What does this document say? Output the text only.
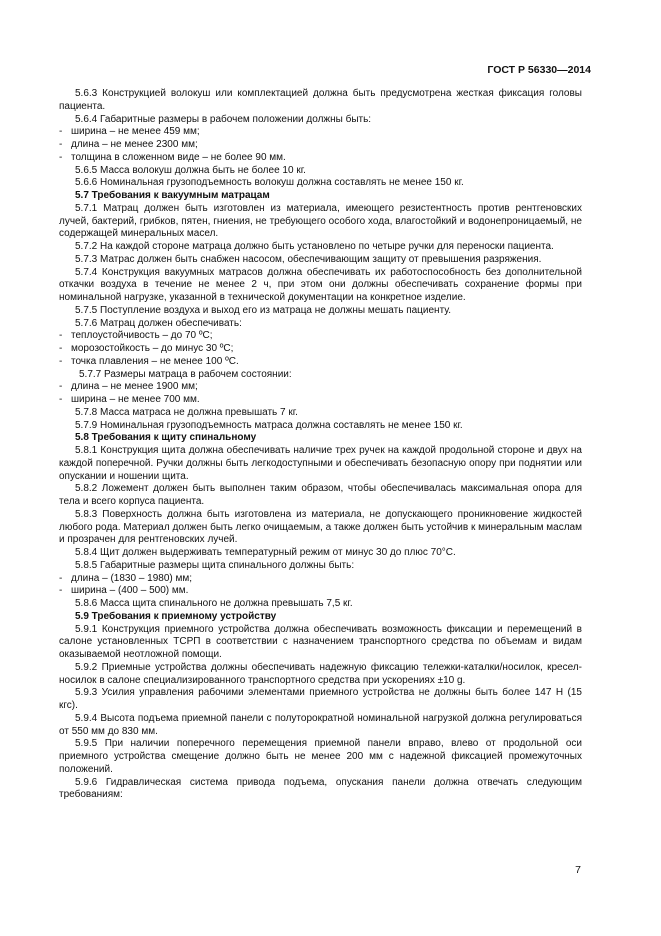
ГОСТ Р 56330—2014

5.6.3 Конструкцией волокуш или комплектацией должна быть предусмотрена жесткая фиксация головы пациента.

5.6.4 Габаритные размеры в рабочем положении должны быть:

- ширина – не менее 459 мм;

- длина – не менее 2300 мм;

- толщина в сложенном виде – не более 90 мм.

5.6.5 Масса волокуш должна быть не более 10 кг.

5.6.6 Номинальная грузоподъемность волокуш должна составлять не менее 150 кг.

5.7 Требования к вакуумным матрацам

5.7.1 Матрац должен быть изготовлен из материала, имеющего резистентность против рентгеновских лучей, бактерий, грибков, пятен, гниения, не требующего особого хода, влагостойкий и водонепроницаемый, не содержащей минеральных масел.

5.7.2 На каждой стороне матраца должно быть установлено по четыре ручки для переноски пациента.

5.7.3 Матрас должен быть снабжен насосом, обеспечивающим защиту от превышения разряжения.

5.7.4 Конструкция вакуумных матрасов должна обеспечивать их работоспособность без дополнительной откачки воздуха в течение не менее 2 ч, при этом они должны обеспечивать сохранение формы при номинальной нагрузке, указанной в технической документации на конкретное изделие.

5.7.5 Поступление воздуха и выход его из матраца не должны мешать пациенту.

5.7.6 Матрац должен обеспечивать:

- теплоустойчивость – до 70 ºС;

- морозостойкость – до минус 30 ºС;

- точка плавления – не менее 100 ºС.

5.7.7 Размеры матраца в рабочем состоянии:

- длина – не менее 1900 мм;

- ширина – не менее 700 мм.

5.7.8 Масса матраса не должна превышать 7 кг.

5.7.9 Номинальная грузоподъемность матраса должна составлять не менее 150 кг.

5.8 Требования к щиту спинальному

5.8.1 Конструкция щита должна обеспечивать наличие трех ручек на каждой продольной стороне и двух на каждой поперечной. Ручки должны быть легкодоступными и обеспечивать безопасную опору при поднятии или опускании и ношении щита.

5.8.2 Ложемент должен быть выполнен таким образом, чтобы обеспечивалась максимальная опора для тела и всего корпуса пациента.

5.8.3 Поверхность должна быть изготовлена из материала, не допускающего проникновение жидкостей любого рода. Материал должен быть легко очищаемым, а также должен быть устойчив к минеральным маслам и прозрачен для рентгеновских лучей.

5.8.4 Щит должен выдерживать температурный режим от минус 30 до плюс 70°С.

5.8.5 Габаритные размеры щита спинального должны быть:

- длина – (1830 – 1980) мм;

- ширина – (400 – 500) мм.

5.8.6 Масса щита спинального не должна превышать 7,5 кг.

5.9 Требования к приемному устройству

5.9.1 Конструкция приемного устройства должна обеспечивать возможность фиксации и перемещений в салоне установленных ТСРП в соответствии с назначением транспортного средства по объемам и видам оказываемой неотложной помощи.

5.9.2 Приемные устройства должны обеспечивать надежную фиксацию тележки-каталки/носилок, кресел-носилок в салоне специализированного транспортного средства при ускорениях ±10 g.

5.9.3 Усилия управления рабочими элементами приемного устройства не должны быть более 147 Н (15 кгс).

5.9.4 Высота подъема приемной панели с полуторократной номинальной нагрузкой должна регулироваться от 550 мм до 830 мм.

5.9.5 При наличии поперечного перемещения приемной панели вправо, влево от продольной оси приемного устройства смещение должно быть не менее 200 мм с надежной фиксацией промежуточных положений.

5.9.6 Гидравлическая система привода подъема, опускания панели должна отвечать следующим требованиям:

7
